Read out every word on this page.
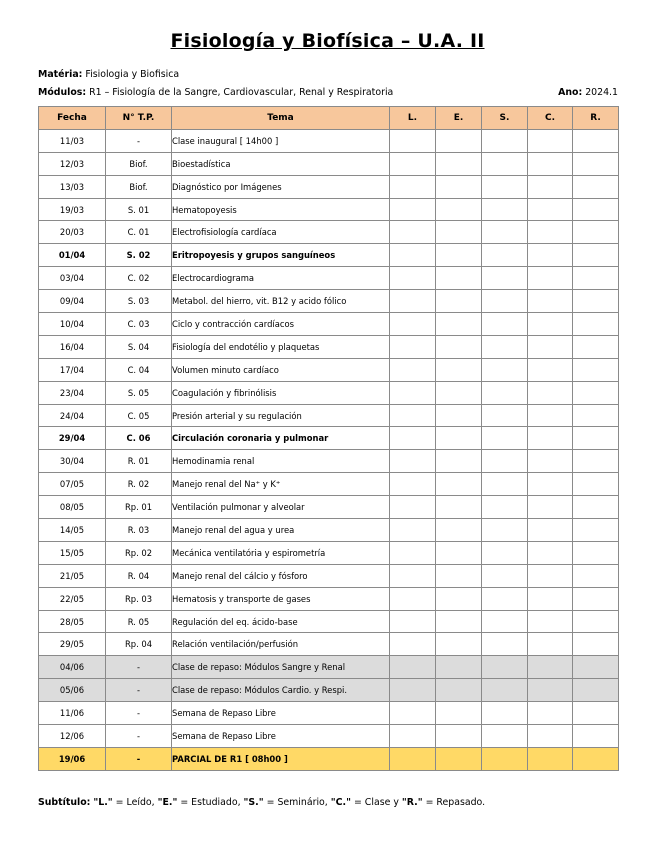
Fisiología y Biofísica – U.A. II
Matéria: Fisiologia y Biofisica
Módulos: R1 – Fisiología de la Sangre, Cardiovascular, Renal y Respiratoria	Ano: 2024.1
Fecha	N° T.P.	Tema	L.	E.	S.	C.	R.
11/03	-	Clase inaugural [ 14h00 ]					
12/03	Biof.	Bioestadística					
13/03	Biof.	Diagnóstico por Imágenes					
19/03	S. 01	Hematopoyesis					
20/03	C. 01	Electrofisiología cardíaca					
01/04	S. 02	Eritropoyesis y grupos sanguíneos					
03/04	C. 02	Electrocardiograma					
09/04	S. 03	Metabol. del hierro, vit. B12 y acido fólico					
10/04	C. 03	Ciclo y contracción cardíacos					
16/04	S. 04	Fisiología del endotélio y plaquetas					
17/04	C. 04	Volumen minuto cardíaco					
23/04	S. 05	Coagulación y fibrinólisis					
24/04	C. 05	Presión arterial y su regulación					
29/04	C. 06	Circulación coronaria y pulmonar					
30/04	R. 01	Hemodinamia renal					
07/05	R. 02	Manejo renal del Na⁺ y K⁺					
08/05	Rp. 01	Ventilación pulmonar y alveolar					
14/05	R. 03	Manejo renal del agua y urea					
15/05	Rp. 02	Mecánica ventilatória y espirometría					
21/05	R. 04	Manejo renal del cálcio y fósforo					
22/05	Rp. 03	Hematosis y transporte de gases					
28/05	R. 05	Regulación del eq. ácido-base					
29/05	Rp. 04	Relación ventilación/perfusión					
04/06	-	Clase de repaso: Módulos Sangre y Renal					
05/06	-	Clase de repaso: Módulos Cardio. y Respi.					
11/06	-	Semana de Repaso Libre					
12/06	-	Semana de Repaso Libre					
19/06	-	PARCIAL DE R1 [ 08h00 ]					
Subtítulo: "L." = Leído, "E." = Estudiado, "S." = Seminário, "C." = Clase y "R." = Repasado.
